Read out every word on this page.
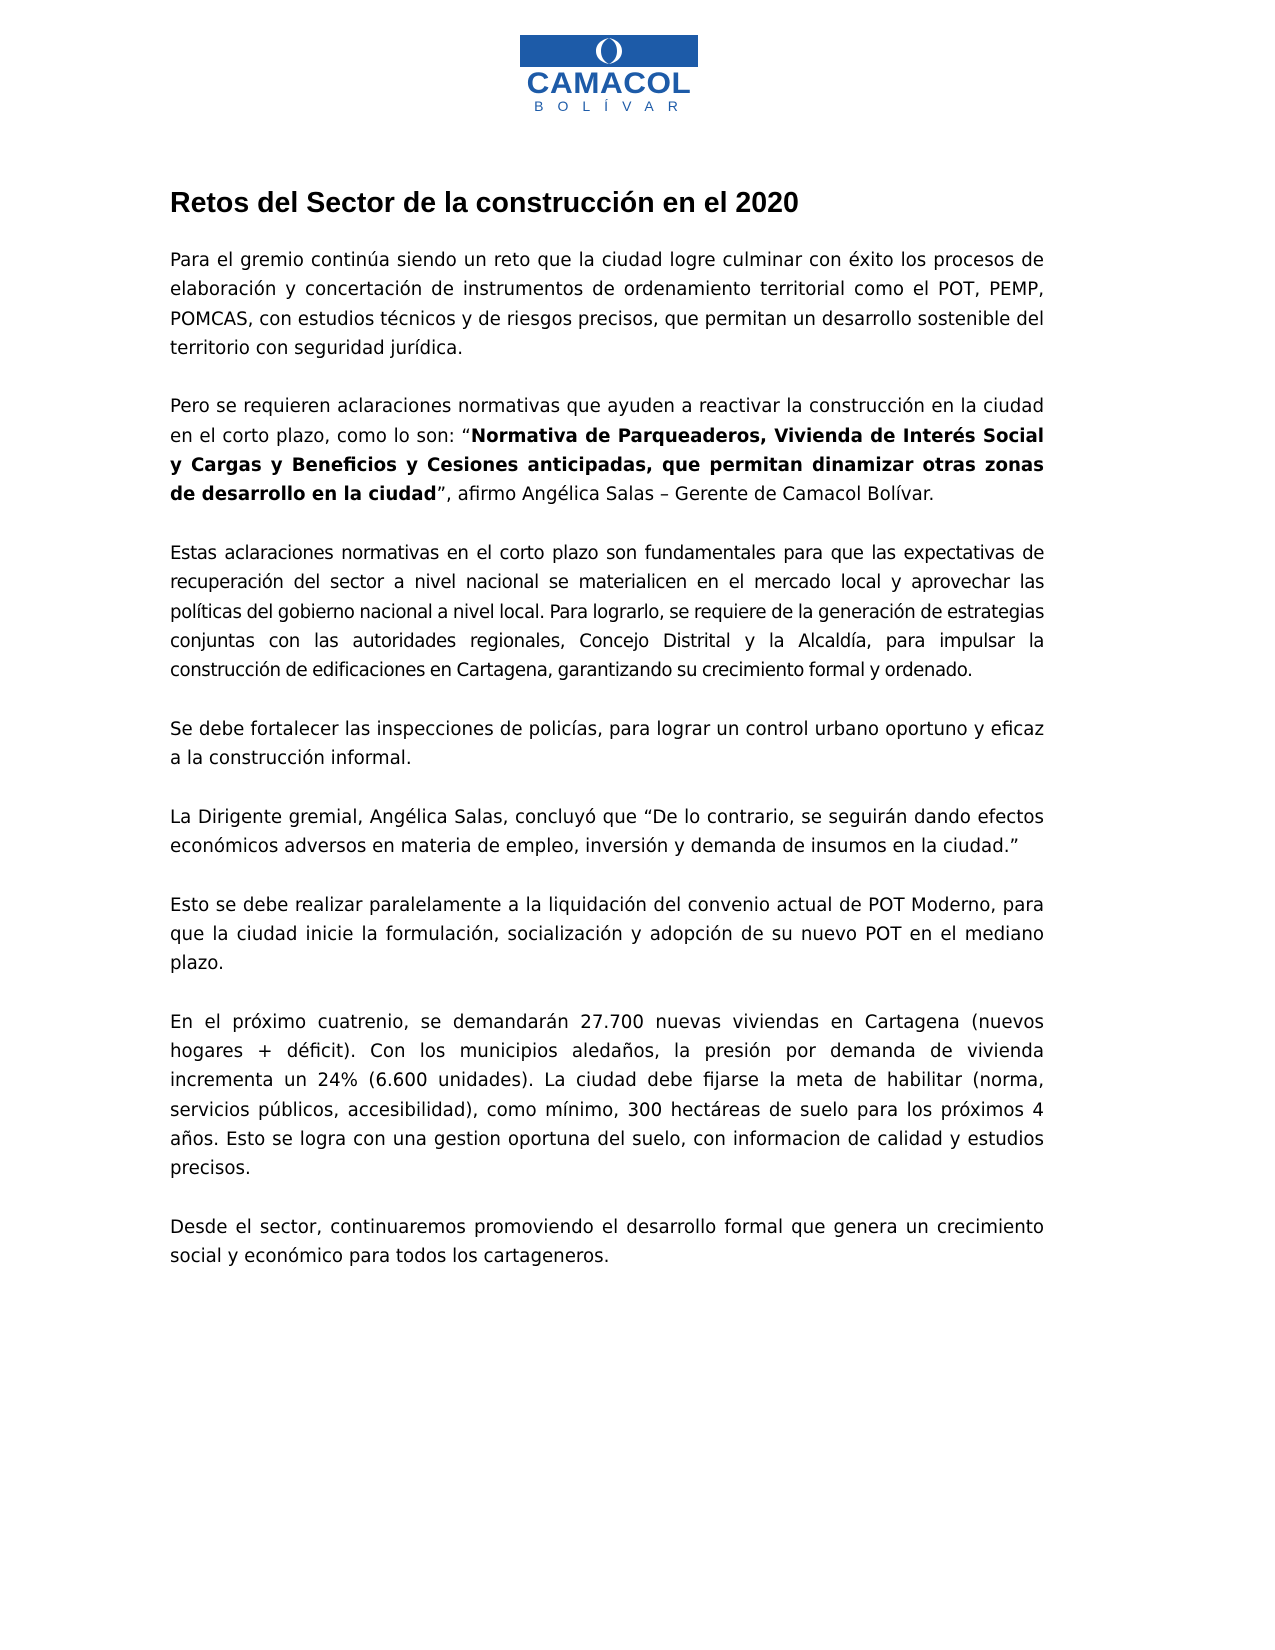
CAMACOL
BOLÍVAR
Retos del Sector de la construcción en el 2020

Para el gremio continúa siendo un reto que la ciudad logre culminar con éxito los procesos de elaboración y concertación de instrumentos de ordenamiento territorial como el POT, PEMP, POMCAS, con estudios técnicos y de riesgos precisos, que permitan un desarrollo sostenible del territorio con seguridad jurídica.

Pero se requieren aclaraciones normativas que ayuden a reactivar la construcción en la ciudad en el corto plazo, como lo son: “Normativa de Parqueaderos, Vivienda de Interés Social y Cargas y Beneficios y Cesiones anticipadas, que permitan dinamizar otras zonas de desarrollo en la ciudad”, afirmo Angélica Salas – Gerente de Camacol Bolívar.

Estas aclaraciones normativas en el corto plazo son fundamentales para que las expectativas de recuperación del sector a nivel nacional se materialicen en el mercado local y aprovechar las políticas del gobierno nacional a nivel local. Para lograrlo, se requiere de la generación de estrategias conjuntas con las autoridades regionales, Concejo Distrital y la Alcaldía, para impulsar la construcción de edificaciones en Cartagena, garantizando su crecimiento formal y ordenado.

Se debe fortalecer las inspecciones de policías, para lograr un control urbano oportuno y eficaz a la construcción informal.

La Dirigente gremial, Angélica Salas, concluyó que “De lo contrario, se seguirán dando efectos económicos adversos en materia de empleo, inversión y demanda de insumos en la ciudad.”

Esto se debe realizar paralelamente a la liquidación del convenio actual de POT Moderno, para que la ciudad inicie la formulación, socialización y adopción de su nuevo POT en el mediano plazo.

En el próximo cuatrenio, se demandarán 27.700 nuevas viviendas en Cartagena (nuevos hogares + déficit). Con los municipios aledaños, la presión por demanda de vivienda incrementa un 24% (6.600 unidades). La ciudad debe fijarse la meta de habilitar (norma, servicios públicos, accesibilidad), como mínimo, 300 hectáreas de suelo para los próximos 4 años. Esto se logra con una gestion oportuna del suelo, con informacion de calidad y estudios precisos.

Desde el sector, continuaremos promoviendo el desarrollo formal que genera un crecimiento social y económico para todos los cartageneros.
